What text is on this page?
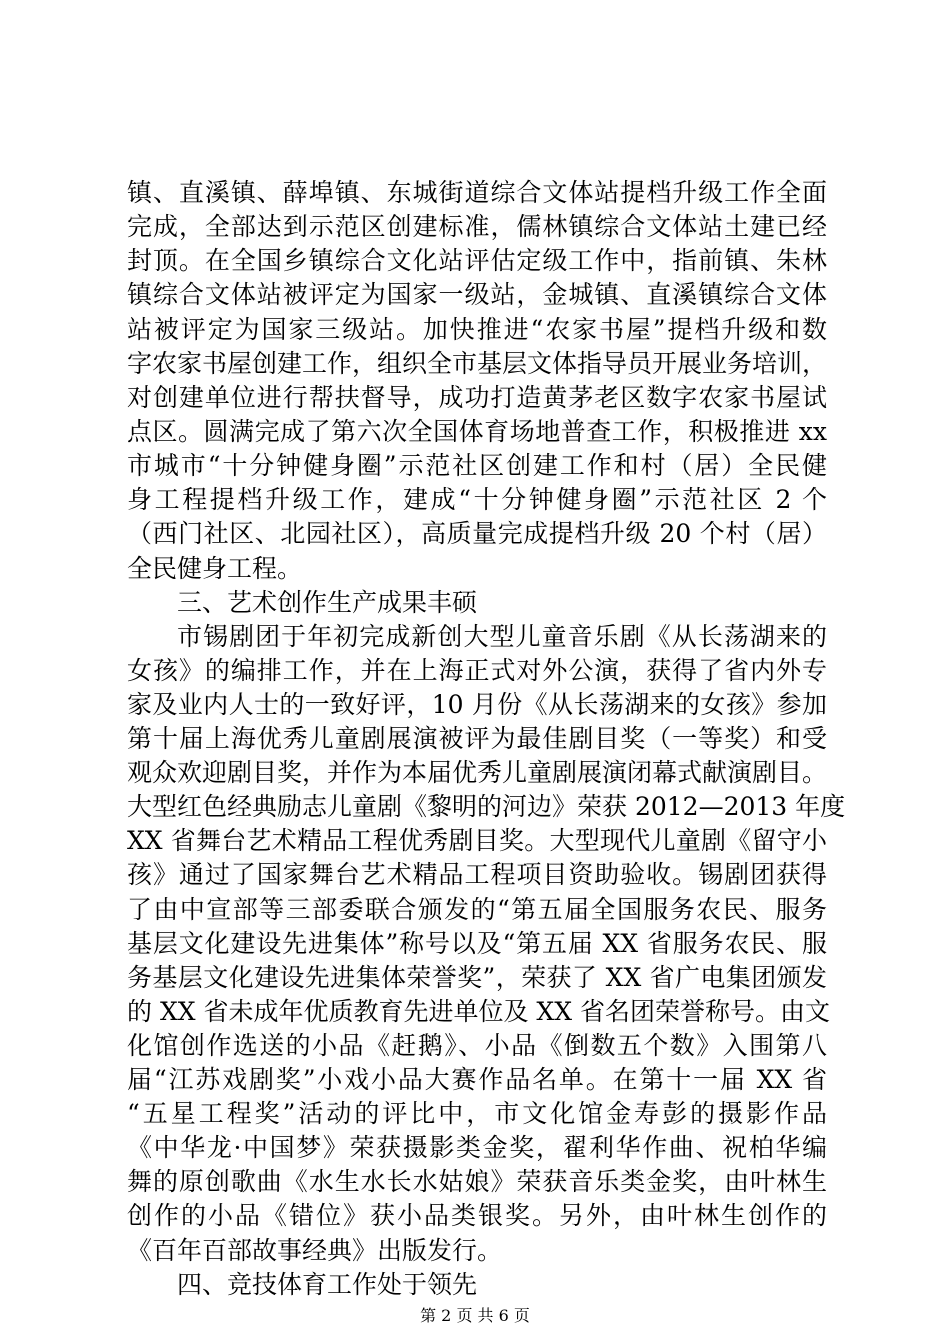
镇、直溪镇、薛埠镇、东城街道综合文体站提档升级工作全面
完成，全部达到示范区创建标准，儒林镇综合文体站土建已经
封顶。在全国乡镇综合文化站评估定级工作中，指前镇、朱林
镇综合文体站被评定为国家一级站，金城镇、直溪镇综合文体
站被评定为国家三级站。加快推进“农家书屋”提档升级和数
字农家书屋创建工作，组织全市基层文体指导员开展业务培训，
对创建单位进行帮扶督导，成功打造黄茅老区数字农家书屋试
点区。圆满完成了第六次全国体育场地普查工作，积极推进 xx
市城市“十分钟健身圈”示范社区创建工作和村（居）全民健
身工程提档升级工作，建成“十分钟健身圈”示范社区 2 个
（西门社区、北园社区），高质量完成提档升级 20 个村（居）
全民健身工程。
三、艺术创作生产成果丰硕
市锡剧团于年初完成新创大型儿童音乐剧《从长荡湖来的
女孩》的编排工作，并在上海正式对外公演，获得了省内外专
家及业内人士的一致好评，10 月份《从长荡湖来的女孩》参加
第十届上海优秀儿童剧展演被评为最佳剧目奖（一等奖）和受
观众欢迎剧目奖，并作为本届优秀儿童剧展演闭幕式献演剧目。
大型红色经典励志儿童剧《黎明的河边》荣获 2012—2013 年度
XX 省舞台艺术精品工程优秀剧目奖。大型现代儿童剧《留守小
孩》通过了国家舞台艺术精品工程项目资助验收。锡剧团获得
了由中宣部等三部委联合颁发的“第五届全国服务农民、服务
基层文化建设先进集体”称号以及“第五届 XX 省服务农民、服
务基层文化建设先进集体荣誉奖”，荣获了 XX 省广电集团颁发
的 XX 省未成年优质教育先进单位及 XX 省名团荣誉称号。由文
化馆创作选送的小品《赶鹅》、小品《倒数五个数》入围第八
届“江苏戏剧奖”小戏小品大赛作品名单。在第十一届 XX 省
“五星工程奖”活动的评比中，市文化馆金寿彭的摄影作品
《中华龙·中国梦》荣获摄影类金奖，翟利华作曲、祝柏华编
舞的原创歌曲《水生水长水姑娘》荣获音乐类金奖，由叶林生
创作的小品《错位》获小品类银奖。另外，由叶林生创作的
《百年百部故事经典》出版发行。
四、竞技体育工作处于领先
第 2 页 共 6 页
